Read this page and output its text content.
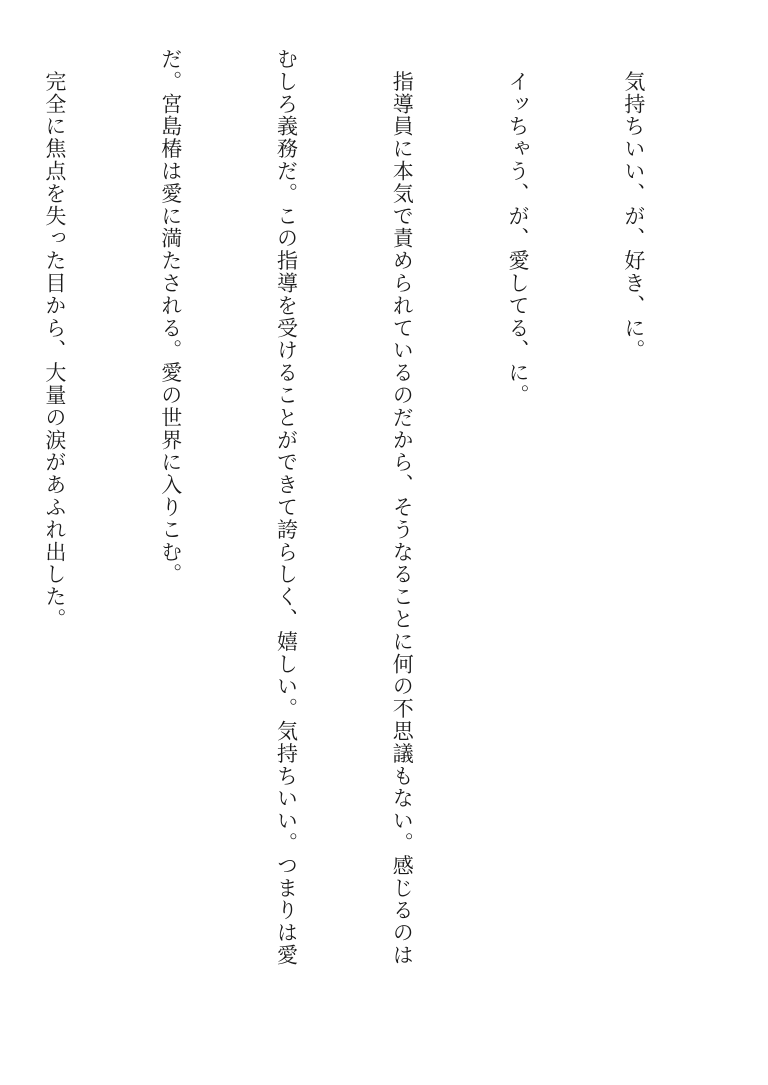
　気持ちいい、が、好き、に。

　イッちゃう、が、愛してる、に。

　指導員に本気で責められているのだから、そうなることに何の不思議もない。感じるのは

むしろ義務だ。この指導を受けることができて誇らしく、嬉しい。気持ちいい。つまりは愛

だ。宮島椿は愛に満たされる。愛の世界に入りこむ。

　完全に焦点を失った目から、大量の涙があふれ出した。
